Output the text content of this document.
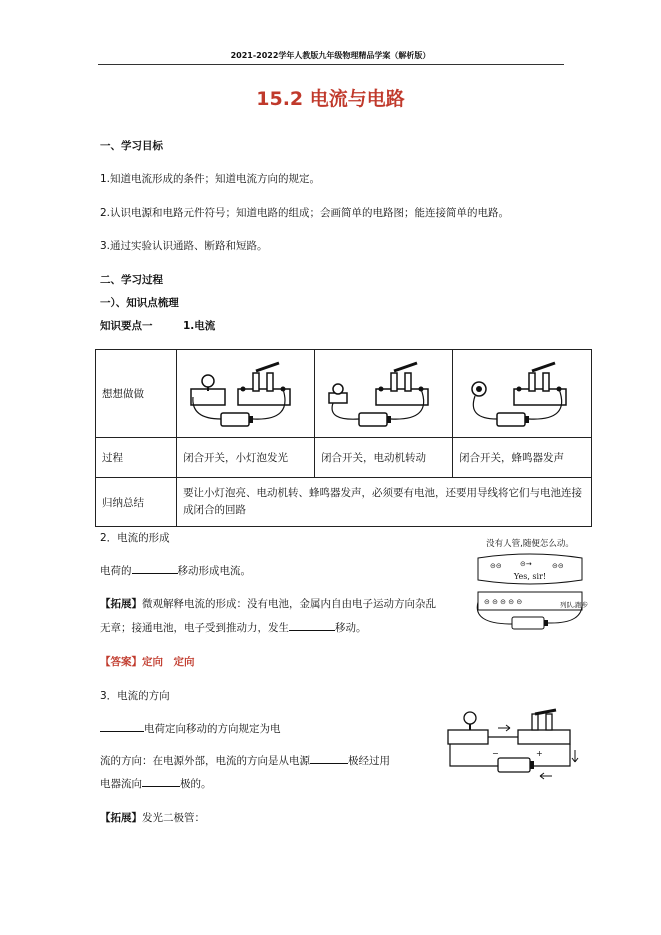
2021-2022学年人教版九年级物理精品学案（解析版）
15.2 电流与电路
一、学习目标
1.知道电流形成的条件；知道电流方向的规定。
2.认识电源和电路元件符号；知道电路的组成；会画简单的电路图；能连接简单的电路。
3.通过实验认识通路、断路和短路。
二、学习过程
一）、知识点梳理
知识要点一	1.电流
想想做做	

过程	闭合开关，小灯泡发光	闭合开关，电动机转动	闭合开关，蜂鸣器发声
归纳总结	要让小灯泡亮、电动机转、蜂鸣器发声，必须要有电池，还要用导线将它们与电池连接成闭合的回路		
2．电流的形成
电荷的	移动形成电流。
【拓展】微观解释电流的形成：没有电池，金属内自由电子运动方向杂乱
无章；接通电池，电子受到推动力，发生	移动。
【答案】定向　定向
没有人管,随便怎么动。
⊝⊝	⊝→	⊝⊝
Yes, sir!
⊝ ⊝ ⊝ ⊝ ⊝	列队,跑步
3．电流的方向
电荷定向移动的方向规定为电
流的方向：在电源外部，电流的方向是从电源	极经过用
电器流向	极的。
【拓展】发光二极管：
+
−
